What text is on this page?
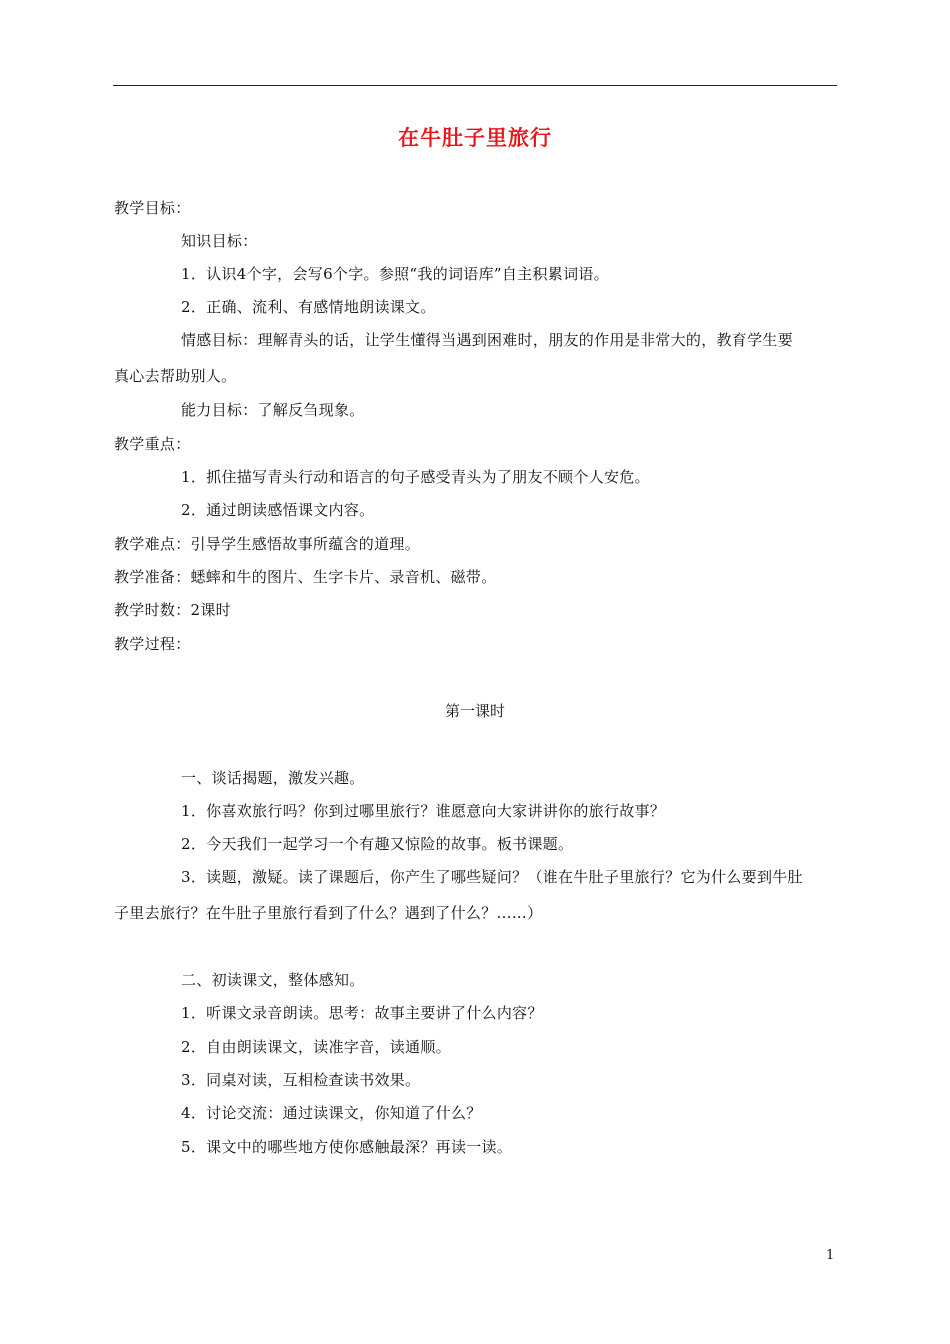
在牛肚子里旅行
教学目标：
知识目标：
1．认识4个字，会写6个字。参照“我的词语库”自主积累词语。
2．正确、流利、有感情地朗读课文。
情感目标：理解青头的话，让学生懂得当遇到困难时，朋友的作用是非常大的，教育学生要
真心去帮助别人。
能力目标：了解反刍现象。
教学重点：
1．抓住描写青头行动和语言的句子感受青头为了朋友不顾个人安危。
2．通过朗读感悟课文内容。
教学难点：引导学生感悟故事所蕴含的道理。
教学准备：蟋蟀和牛的图片、生字卡片、录音机、磁带。
教学时数：2课时
教学过程：
第一课时
一、谈话揭题，激发兴趣。
1．你喜欢旅行吗？你到过哪里旅行？谁愿意向大家讲讲你的旅行故事？
2．今天我们一起学习一个有趣又惊险的故事。板书课题。
3．读题，激疑。读了课题后，你产生了哪些疑问？（谁在牛肚子里旅行？它为什么要到牛肚
子里去旅行？在牛肚子里旅行看到了什么？遇到了什么？……）
二、初读课文，整体感知。
1．听课文录音朗读。思考：故事主要讲了什么内容？
2．自由朗读课文，读准字音，读通顺。
3．同桌对读，互相检查读书效果。
4．讨论交流：通过读课文，你知道了什么？
5．课文中的哪些地方使你感触最深？再读一读。
1
